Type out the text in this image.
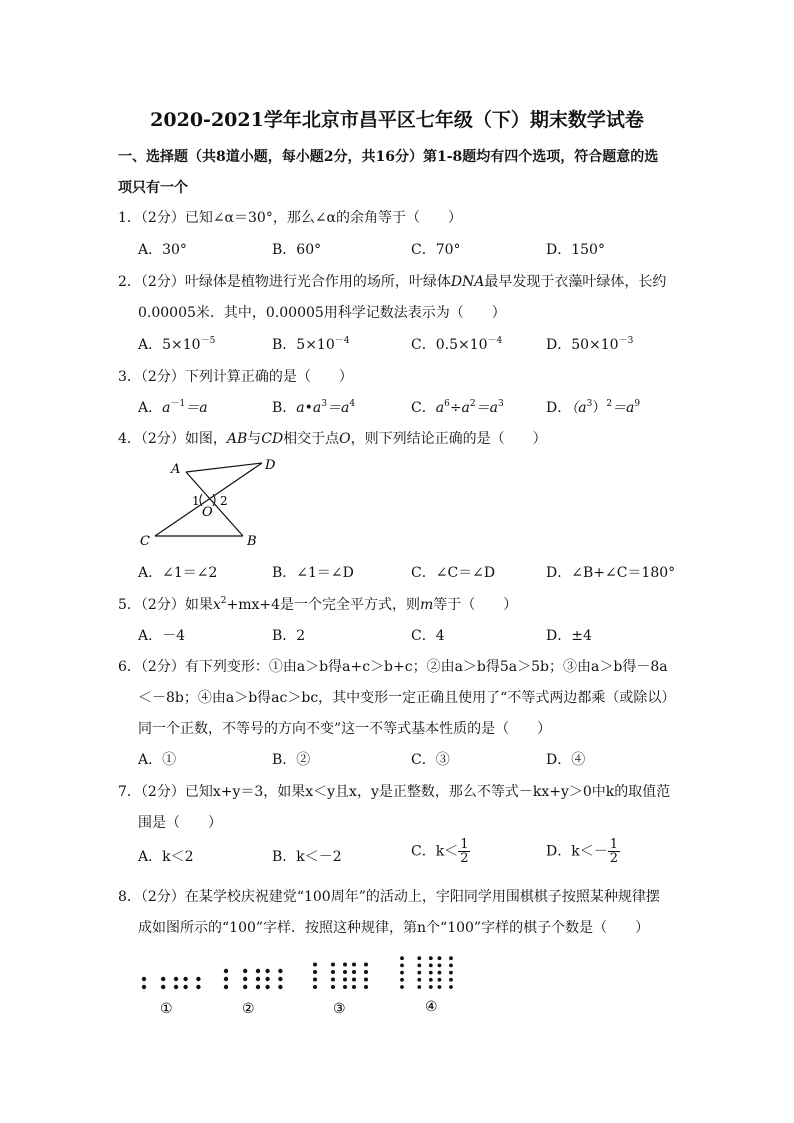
2020-2021学年北京市昌平区七年级（下）期末数学试卷
一、选择题（共8道小题，每小题2分，共16分）第1-8题均有四个选项，符合题意的选
项只有一个
1．（2分）已知∠α＝30°，那么∠α的余角等于（　　）
A．30°	B．60°	C．70°	D．150°
2．（2分）叶绿体是植物进行光合作用的场所，叶绿体DNA最早发现于衣藻叶绿体，长约
0.00005米．其中，0.00005用科学记数法表示为（　　）
A．$5\times 10^{-5}$	B．$5\times 10^{-4}$	C．$0.5\times 10^{-4}$	D．$50\times 10^{-3}$
3．（2分）下列计算正确的是（　　）
A．$a^{-1}=a$	B．$a•a^3=a^4$	C．$a^6\div a^2=a^3$	D．$(a^3)^2=a^9$
4．（2分）如图，AB与CD相交于点O，则下列结论正确的是（　　）
A	D
C	B
O
1 2
A．∠1＝∠2	B．∠1＝∠D	C．∠C＝∠D	D．∠B+∠C＝180°
5．（2分）如果$x^2+mx+4$是一个完全平方式，则m等于（　　）
A．－4	B．2	C．4	D．±4
6．（2分）有下列变形：①由a＞b得a+c＞b+c；②由a＞b得5a＞5b；③由a＞b得－8a
＜－8b；④由a＞b得ac＞bc，其中变形一定正确且使用了“不等式两边都乘（或除以）
同一个正数，不等号的方向不变”这一不等式基本性质的是（　　）
A．①	B．②	C．③	D．④
7．（2分）已知x+y＝3，如果x＜y且x，y是正整数，那么不等式－kx+y＞0中k的取值范
围是（　　）
A．k＜2	B．k＜－2	C．$k< \frac{1}{2}$	D．$k<- \frac{1}{2}$
8．（2分）在某学校庆祝建党“100周年”的活动上，宇阳同学用围棋棋子按照某种规律摆
成如图所示的“100”字样．按照这种规律，第n个“100”字样的棋子个数是（　　）
①	②	③	④
